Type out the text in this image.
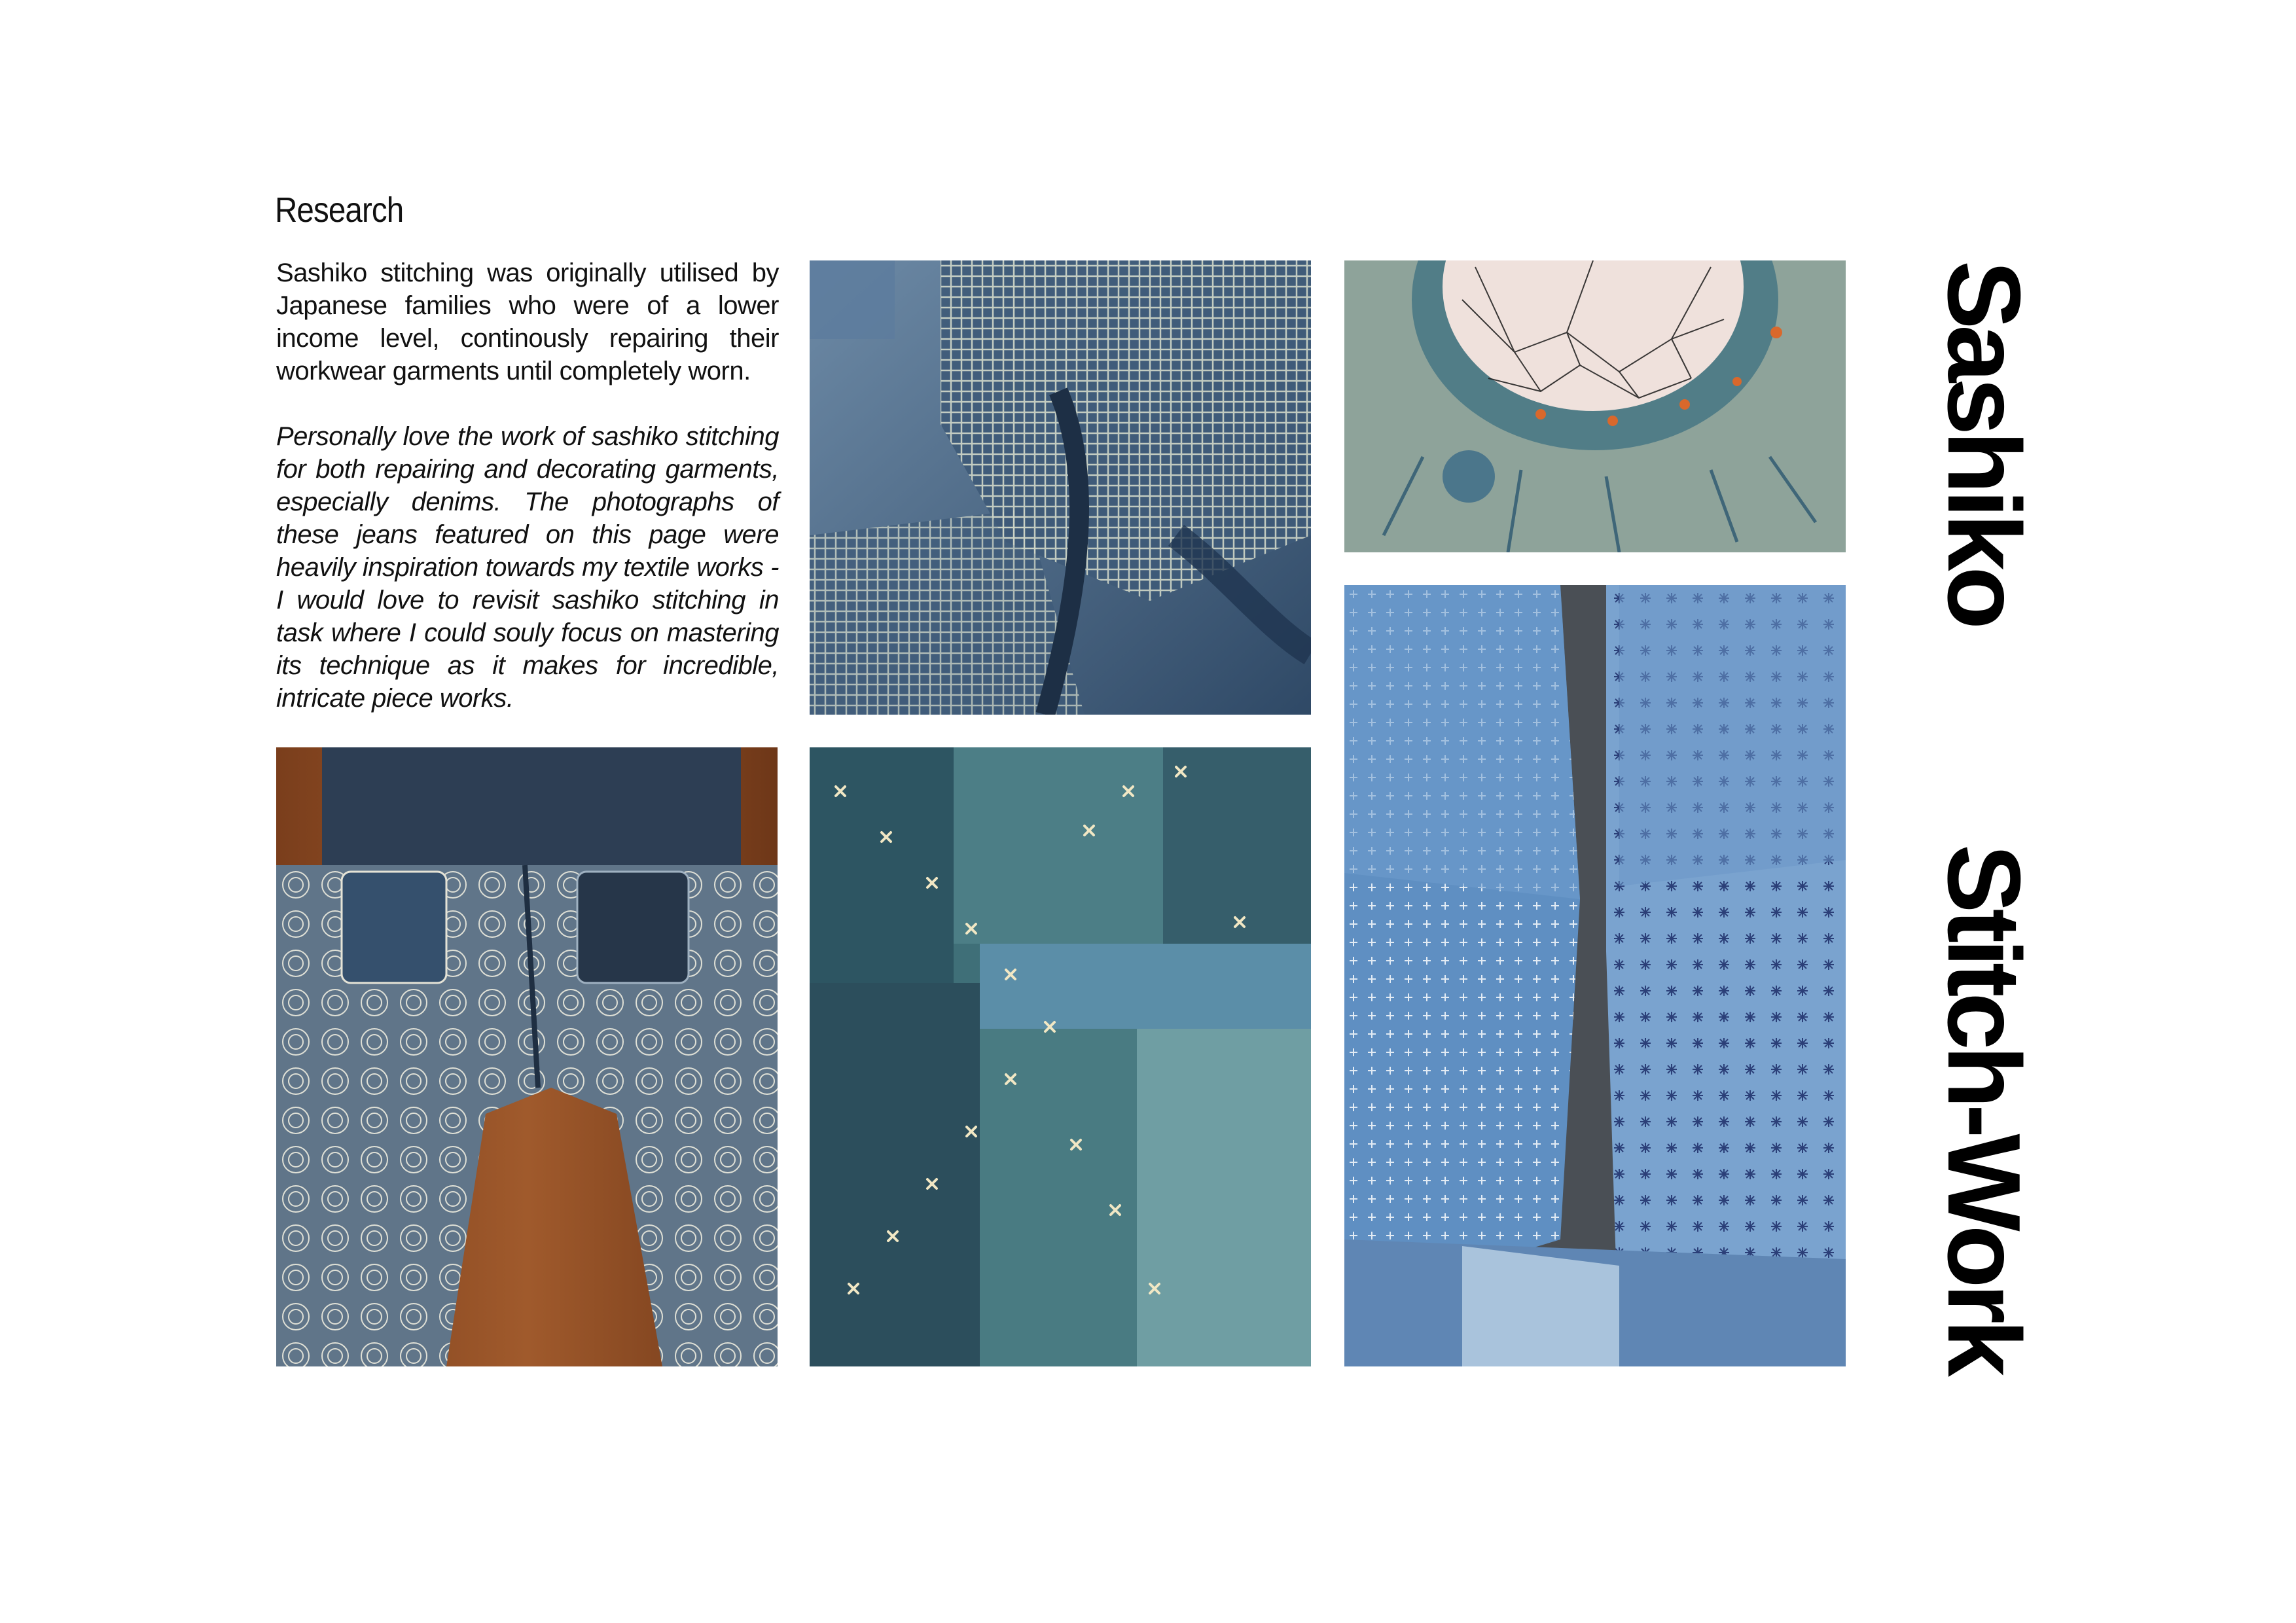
Research

Sashiko stitching was originally utilised by Japanese families who were of a lower income level, continously repairing their workwear garments until completely worn.

Personally love the work of sashiko stitching for both repairing and decorating garments, especially denims. The photographs of these jeans featured on this page were heavily inspiration towards my textile works - I would love to revisit sashiko stitching in task where I could souly focus on mastering its technique as it makes for incredible, intricate piece works.

Sashiko
Stitch-Work
